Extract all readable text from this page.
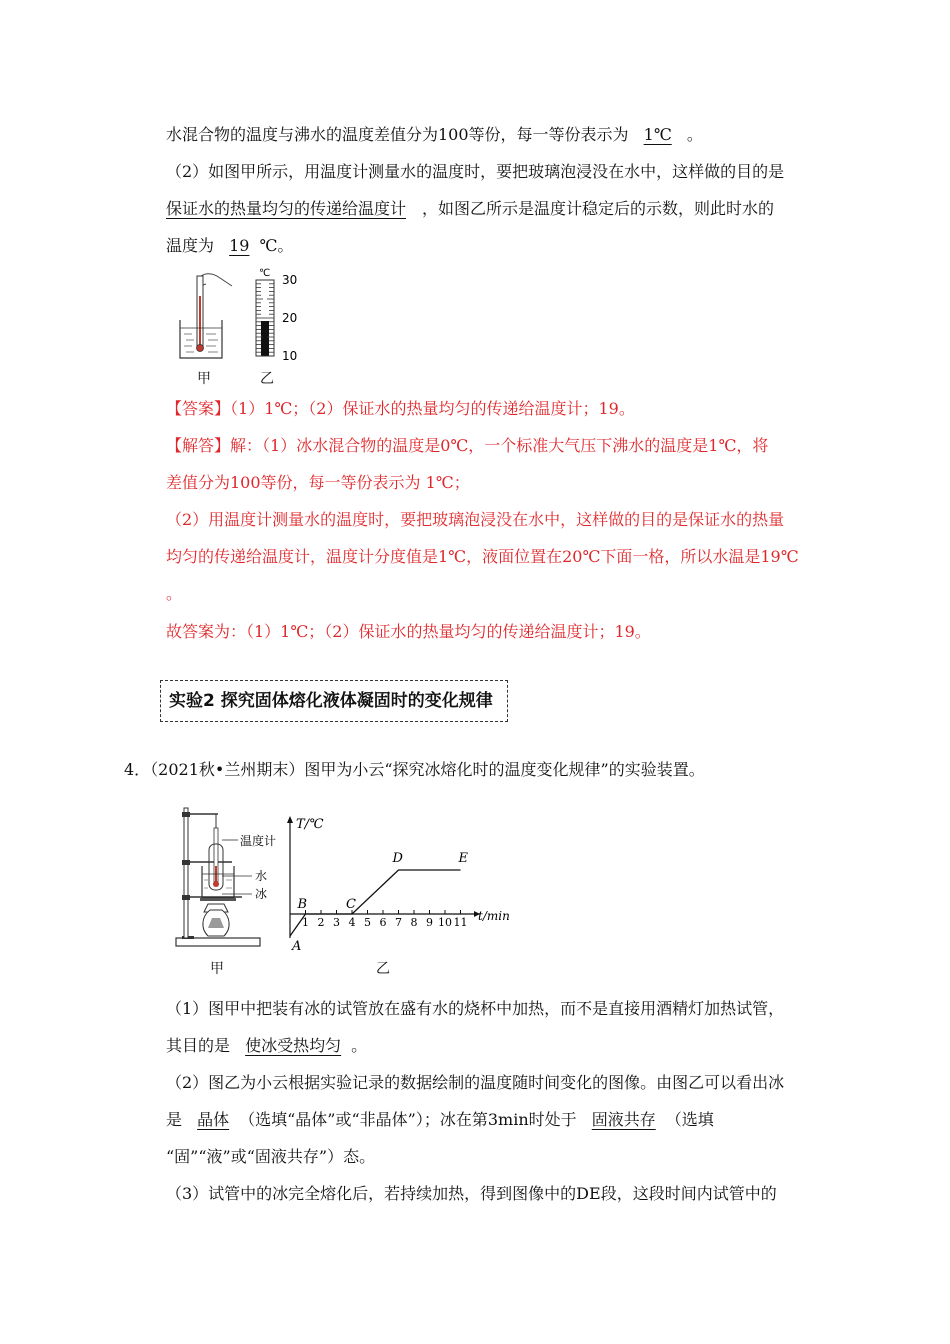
水混合物的温度与沸水的温度差值分为100等份，每一等份表示为 1℃ 。
（2）如图甲所示，用温度计测量水的温度时，要把玻璃泡浸没在水中，这样做的目的是
保证水的热量均匀的传递给温度计 ，如图乙所示是温度计稳定后的示数，则此时水的
温度为 19 ℃。
℃ 30
20
10
甲	乙
【答案】（1）1℃；（2）保证水的热量均匀的传递给温度计；19。
【解答】解：（1）冰水混合物的温度是0℃，一个标准大气压下沸水的温度是1℃，将
差值分为100等份，每一等份表示为 1℃；
（2）用温度计测量水的温度时，要把玻璃泡浸没在水中，这样做的目的是保证水的热量
均匀的传递给温度计，温度计分度值是1℃，液面位置在20℃下面一格，所以水温是19℃
。
故答案为：（1）1℃；（2）保证水的热量均匀的传递给温度计；19。
实验2 探究固体熔化液体凝固时的变化规律
4．（2021秋•兰州期末）图甲为小云“探究冰熔化时的温度变化规律”的实验装置。
温度计
水
冰
甲	乙
T/℃
t/min
1 2 3 4 5 6 7 8 9 10 11
A
B	C
D	E
（1）图甲中把装有冰的试管放在盛有水的烧杯中加热，而不是直接用酒精灯加热试管，
其目的是 使冰受热均匀 。
（2）图乙为小云根据实验记录的数据绘制的温度随时间变化的图像。由图乙可以看出冰
是 晶体 （选填“晶体”或“非晶体”）；冰在第3min时处于 固液共存 （选填
“固”“液”或“固液共存”）态。
（3）试管中的冰完全熔化后，若持续加热，得到图像中的DE段，这段时间内试管中的
